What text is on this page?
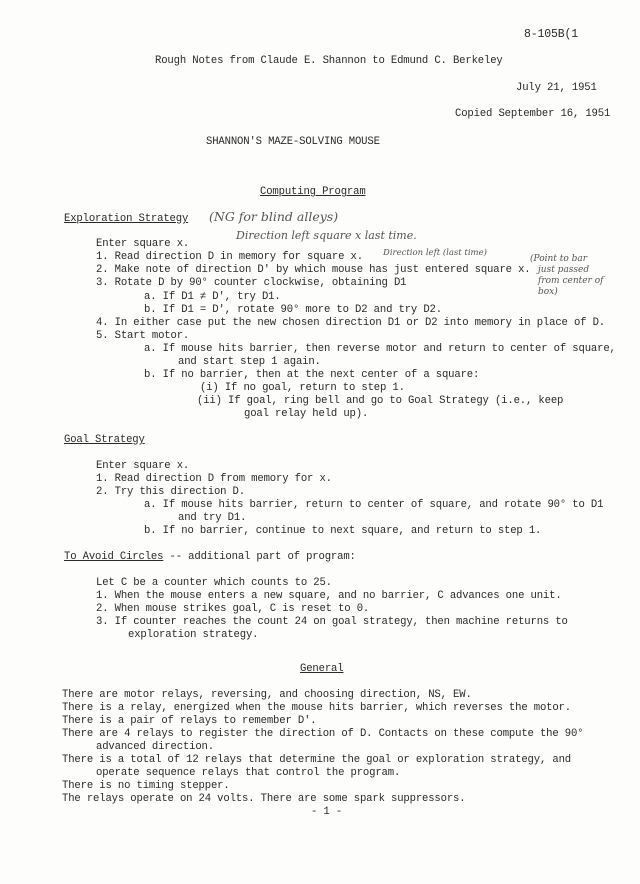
8-105B(1
Rough Notes from Claude E. Shannon to Edmund C. Berkeley
July 21, 1951
Copied September 16, 1951
SHANNON'S MAZE-SOLVING MOUSE
Computing Program
Exploration Strategy (NG for blind alleys)
Direction left square x last time.
Direction left (last time)
(Point to bar
just passed
from center of
box)
Enter square x.
1. Read direction D in memory for square x.
2. Make note of direction D' by which mouse has just entered square x.
3. Rotate D by 90° counter clockwise, obtaining D1
a. If D1 ≠ D', try D1.
b. If D1 = D', rotate 90° more to D2 and try D2.
4. In either case put the new chosen direction D1 or D2 into memory in place of D.
5. Start motor.
a. If mouse hits barrier, then reverse motor and return to center of square,
and start step 1 again.
b. If no barrier, then at the next center of a square:
(i) If no goal, return to step 1.
(ii) If goal, ring bell and go to Goal Strategy (i.e., keep
goal relay held up).
Goal Strategy
Enter square x.
1. Read direction D from memory for x.
2. Try this direction D.
a. If mouse hits barrier, return to center of square, and rotate 90° to D1
and try D1.
b. If no barrier, continue to next square, and return to step 1.
To Avoid Circles -- additional part of program:
Let C be a counter which counts to 25.
1. When the mouse enters a new square, and no barrier, C advances one unit.
2. When mouse strikes goal, C is reset to 0.
3. If counter reaches the count 24 on goal strategy, then machine returns to
exploration strategy.
General
There are motor relays, reversing, and choosing direction, NS, EW.
There is a relay, energized when the mouse hits barrier, which reverses the motor.
There is a pair of relays to remember D'.
There are 4 relays to register the direction of D. Contacts on these compute the 90°
advanced direction.
There is a total of 12 relays that determine the goal or exploration strategy, and
operate sequence relays that control the program.
There is no timing stepper.
The relays operate on 24 volts. There are some spark suppressors.
- 1 -
